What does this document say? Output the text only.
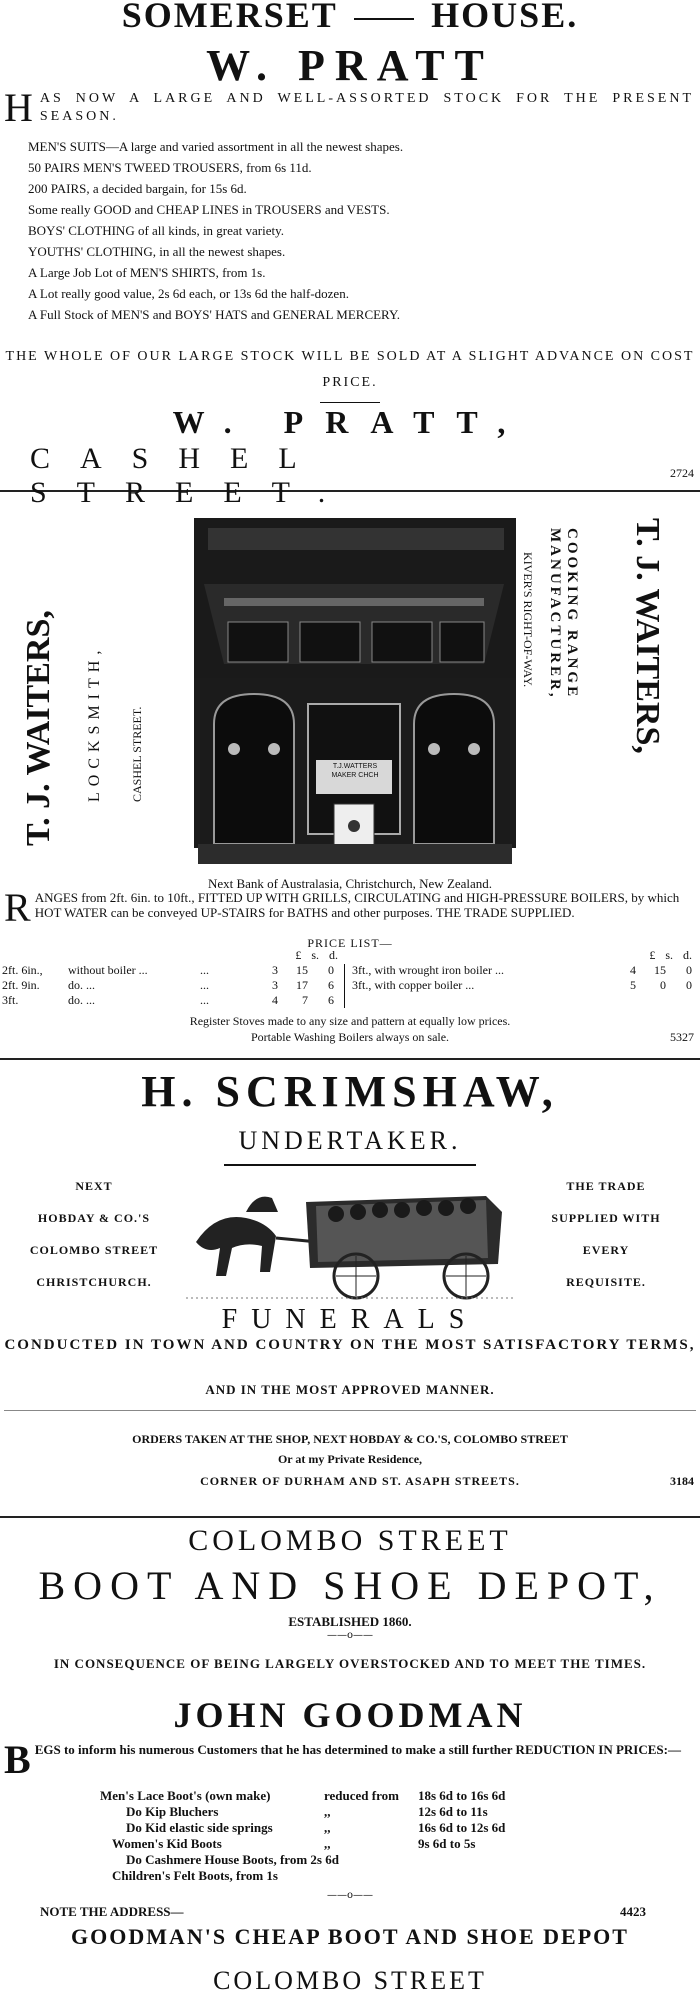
SOMERSET	HOUSE.
W. PRATT
H AS NOW A LARGE AND WELL-ASSORTED STOCK FOR THE PRESENT SEASON.
MEN'S SUITS—A large and varied assortment in all the newest shapes.
50 PAIRS MEN'S TWEED TROUSERS, from 6s 11d.
200 PAIRS, a decided bargain, for 15s 6d.
Some really GOOD and CHEAP LINES in TROUSERS and VESTS.
BOYS' CLOTHING of all kinds, in great variety.
YOUTHS' CLOTHING, in all the newest shapes.
A Large Job Lot of MEN'S SHIRTS, from 1s.
A Lot really good value, 2s 6d each, or 13s 6d the half-dozen.
A Full Stock of MEN'S and BOYS' HATS and GENERAL MERCERY.
THE WHOLE OF OUR LARGE STOCK WILL BE SOLD AT A SLIGHT ADVANCE ON COST PRICE.
W. PRATT,
CASHEL STREET.
2724
T. J. WAITERS, LOCKSMITH, CASHEL STREET.	T.J.WATTERS
MAKER CHCH
COOKING RANGE MANUFACTURER,
KIVER'S RIGHT-OF-WAY.	T. J. WAITERS,
Next Bank of Australasia, Christchurch, New Zealand.
R ANGES from 2ft. 6in. to 10ft., FITTED UP WITH GRILLS, CIRCULATING and HIGH-PRESSURE BOILERS, by which HOT WATER can be conveyed UP-STAIRS for BATHS and other purposes. THE TRADE SUPPLIED.
PRICE LIST—
£ s. d.
2ft. 6in.,	without boiler ...	...	3	15	0
2ft. 9in.	do. ...	...	3	17	6
3ft.	do. ...	...	4	7	6
£ s. d.
3ft., with wrought iron boiler ...	4	15	0
3ft., with copper boiler ...	5	0	0
Register Stoves made to any size and pattern at equally low prices.
Portable Washing Boilers always on sale.	5327
H. SCRIMSHAW,
UNDERTAKER.
NEXT
HOBDAY & CO.'S
COLOMBO STREET
CHRISTCHURCH.
THE TRADE
SUPPLIED WITH
EVERY
REQUISITE.
FUNERALS
CONDUCTED IN TOWN AND COUNTRY ON THE MOST SATISFACTORY TERMS,
AND IN THE MOST APPROVED MANNER.
ORDERS TAKEN AT THE SHOP, NEXT HOBDAY & CO.'S, COLOMBO STREET
Or at my Private Residence,
CORNER OF DURHAM AND ST. ASAPH STREETS.	3184
COLOMBO STREET
BOOT AND SHOE DEPOT,
ESTABLISHED 1860.
——o——
IN CONSEQUENCE OF BEING LARGELY OVERSTOCKED AND TO MEET THE TIMES.
JOHN GOODMAN
B EGS to inform his numerous Customers that he has determined to make a still further REDUCTION IN PRICES:—
Men's Lace Boot's (own make)	reduced from	18s 6d to 16s 6d
Do Kip Bluchers	,,	12s 6d to 11s
Do Kid elastic side springs	,,	16s 6d to 12s 6d
Women's Kid Boots	,,	9s 6d to 5s
Do Cashmere House Boots, from 2s 6d
Children's Felt Boots, from 1s
——o——
NOTE THE ADDRESS—	4423
GOODMAN'S CHEAP BOOT AND SHOE DEPOT
COLOMBO STREET
